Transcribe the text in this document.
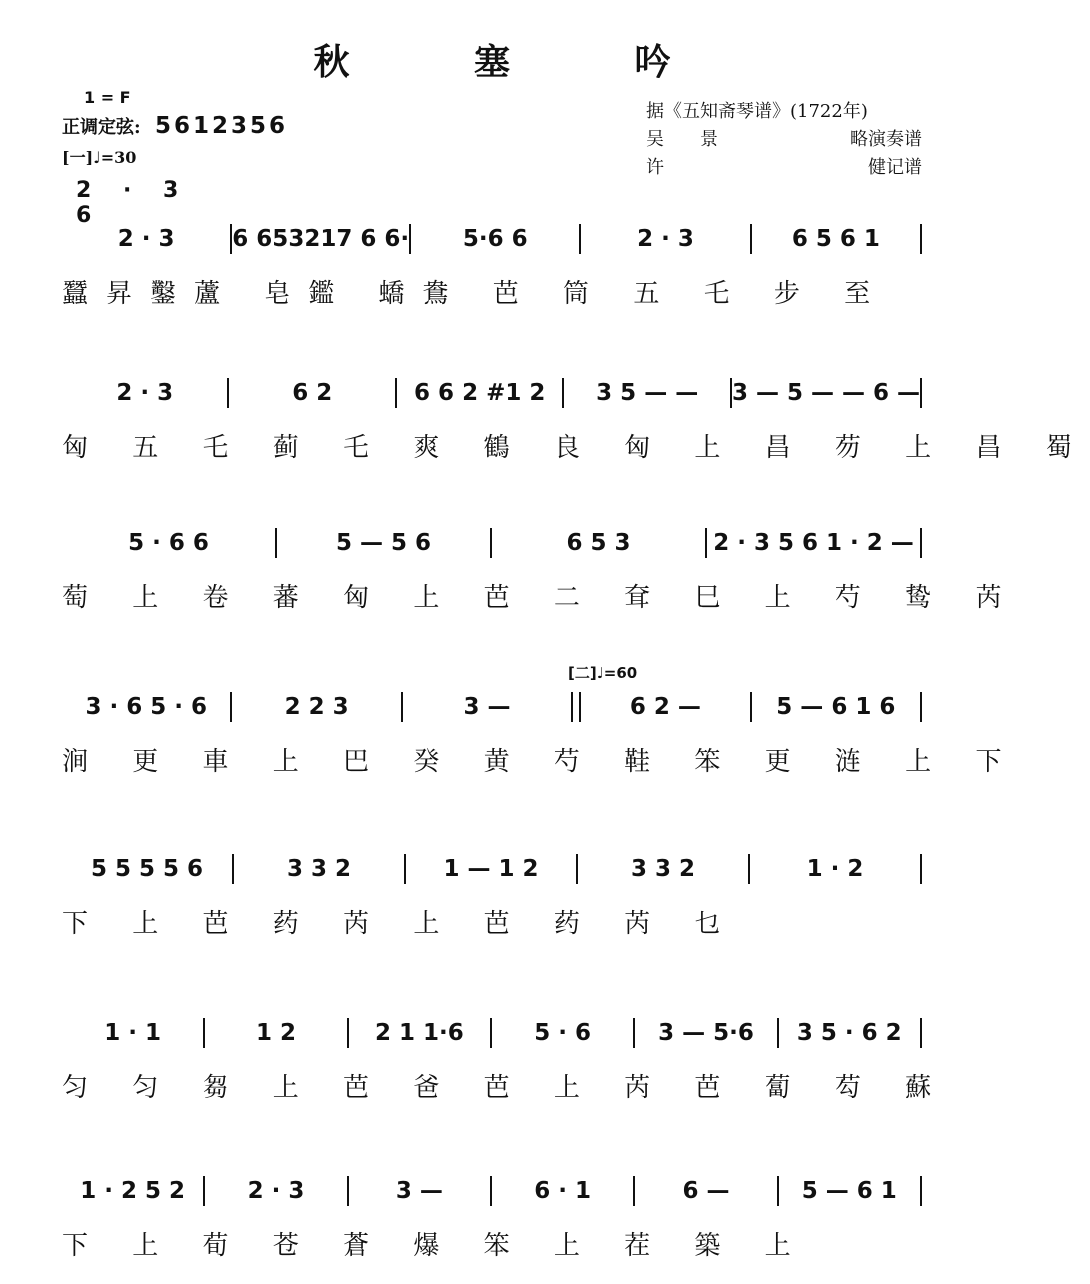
秋 塞 吟
1 = F
正调定弦: 5612356
[一]♩=30
据《五知斋琴谱》(1722年)
吴　　景	略演奏谱
许	健记谱
2 · 3 6
[二]♩=60
2 · 3	6 653217 6 6·	5·6 6	2 · 3	6 5 6 1
蠶昇鑿蘆 皂鑑 蟜鴦 芭 筒 五 乇 步 至
2 · 3	6 2	6 6 2 #1 2	3 5 — —	3 — 5 — — 6 —
匈 五 乇 蓟 乇 爽 鶴 良 匈 上 昌 芴 上 昌 蜀
5 · 6 6	5 — 5 6	6 5 3	2 · 3 5 6 1 · 2 —
萄 上 卷 蕃 匈 上 芭 二 耷 巳 上 芍 鸷 芮
3 · 6 5 · 6	2 2 3	3 —	6 2 —	5 — 6 1 6
涧 更 車 上 巴 癸 黄 芍 鞋 笨 更 涟 上 下
5 5 5 5 6	3 3 2	1 — 1 2	3 3 2	1 · 2
下 上 芭 药 芮 上 芭 药 芮 乜
1 · 1	1 2	2 1 1·6	5 · 6	3 — 5·6	3 5 · 6 2
匀 匀 芻 上 芭 爸 芭 上 芮 芭 蔔 芶 蘇
1 · 2 5 2	2 · 3	3 —	6 · 1	6 —	5 — 6 1
下 上 荀 苍 蒼 爆 笨 上 茬 築 上
